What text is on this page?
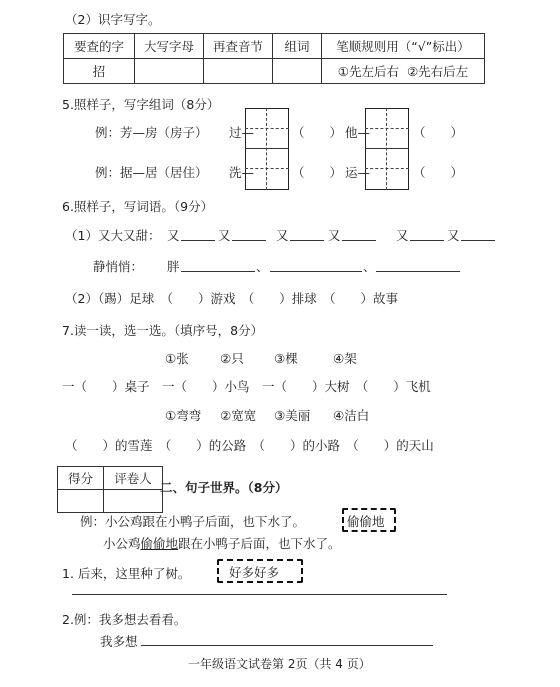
（2）识字写字。
要查的字	大写字母	再查音节	组词	笔顺规则用（“√”标出）
招				①先左后右 ②先右后左
5.照样子，写字组词（8分）
例：芳—房（房子）
例：据—居（居住）
过—
洗—
他—
运—
（　　）
（　　）
（　　）
（　　）
6.照样子，写词语。（9分）
（1）又大又甜： 又	又	又	又	又	又
静悄悄： 胖	、	、
（2）（踢）足球　（　　）游戏　（　　）排球　（　　）故事
7.读一读，选一选。（填序号，8分）
①张	②只 ③棵	④架
一（　　）桌子　一（　　）小鸟　一（　　）大树　（　　）飞机
①弯弯 ②宽宽 ③美丽 ④洁白
（　　）的雪莲　（　　）的公路　（　　）的小路　（　　）的天山
得分	评卷人

二、句子世界。（8分）
例：小公鸡跟在小鸭子后面，也下水了。	偷偷地
小公鸡偷偷地跟在小鸭子后面，也下水了。
1. 后来，这里种了树。	好多好多
2.例：我多想去看看。
我多想
一年级语文试卷第 2页（共 4 页）
